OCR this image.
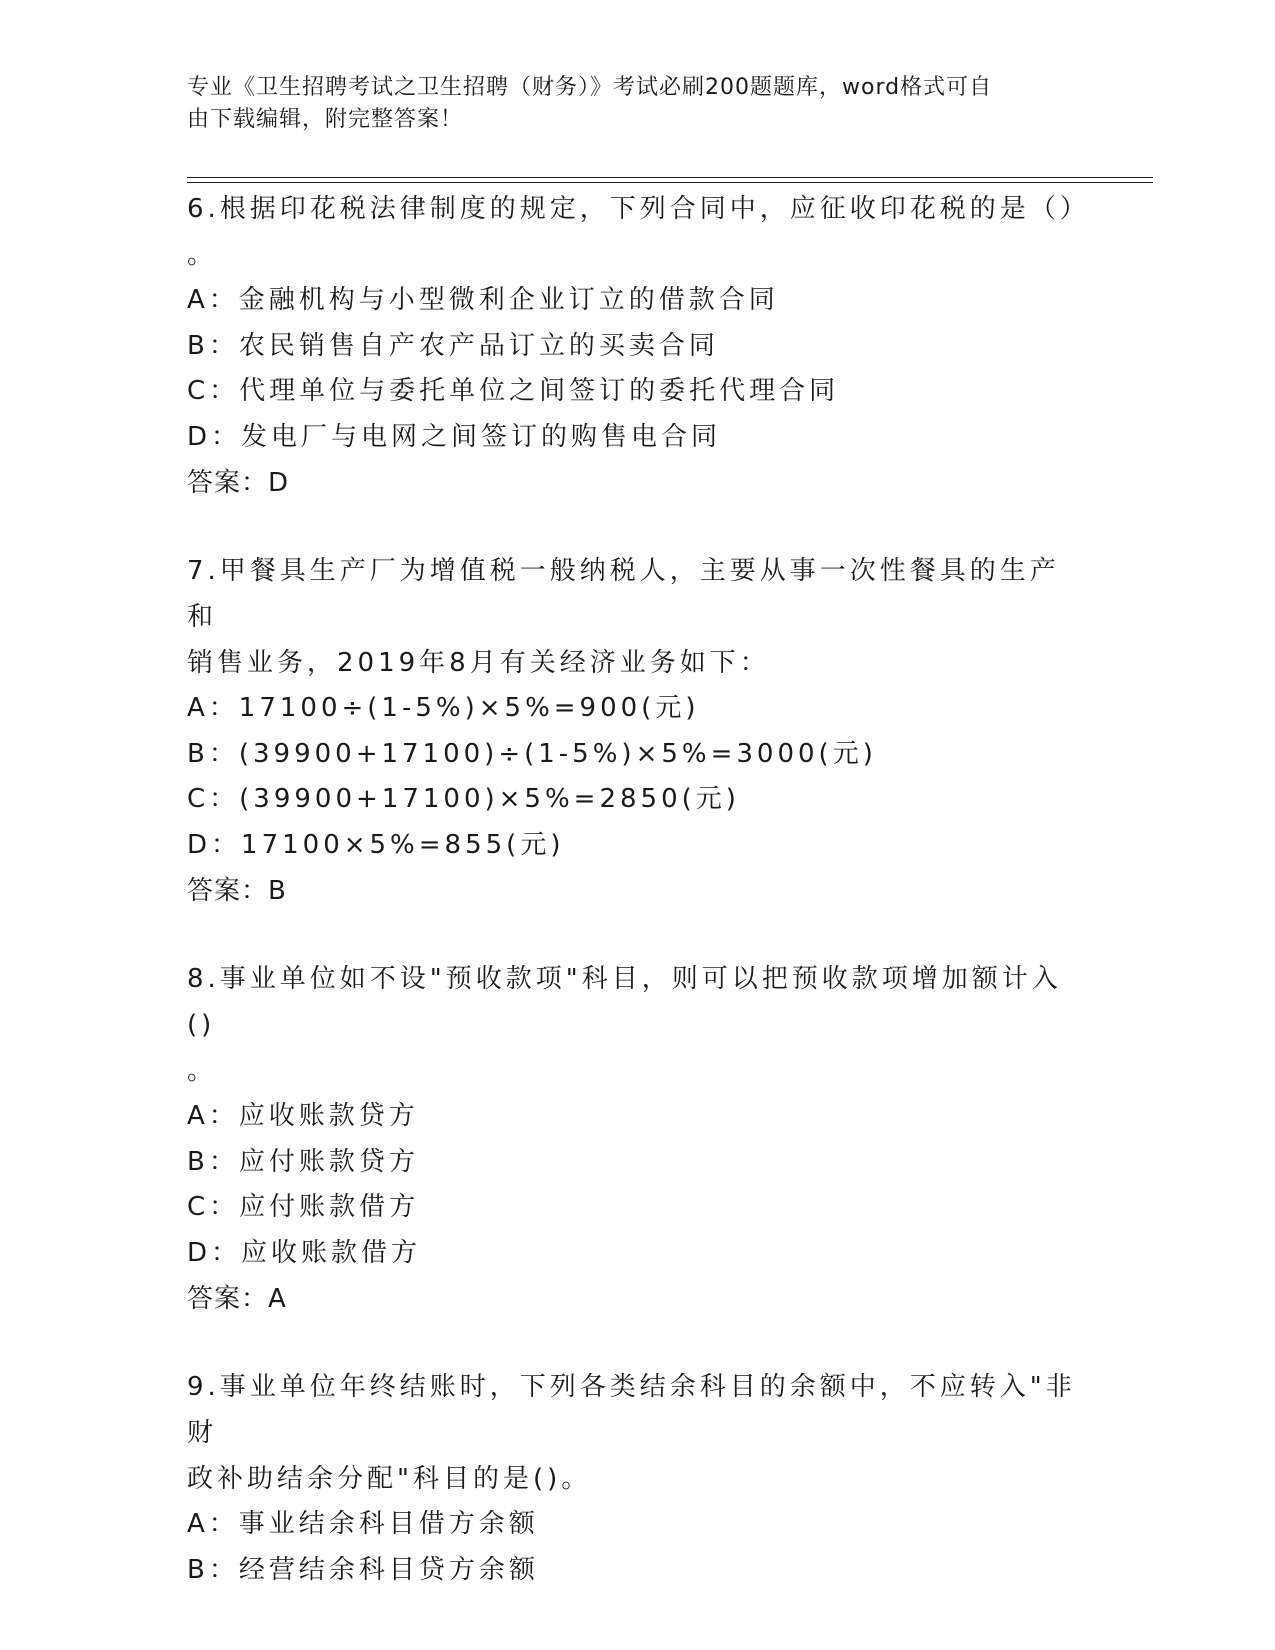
专业《卫生招聘考试之卫生招聘（财务）》考试必刷200题题库，word格式可自
由下载编辑，附完整答案！

6.根据印花税法律制度的规定，下列合同中，应征收印花税的是（）
。

A：金融机构与小型微利企业订立的借款合同

B：农民销售自产农产品订立的买卖合同

C：代理单位与委托单位之间签订的委托代理合同

D：发电厂与电网之间签订的购售电合同

答案：D

7.甲餐具生产厂为增值税一般纳税人，主要从事一次性餐具的生产和
销售业务，2019年8月有关经济业务如下：

A：17100÷(1-5%)×5%=900(元)

B：(39900+17100)÷(1-5%)×5%=3000(元)

C：(39900+17100)×5%=2850(元)

D：17100×5%=855(元)

答案：B

8.事业单位如不设"预收款项"科目，则可以把预收款项增加额计入()
。

A：应收账款贷方

B：应付账款贷方

C：应付账款借方

D：应收账款借方

答案：A

9.事业单位年终结账时，下列各类结余科目的余额中，不应转入"非财
政补助结余分配"科目的是()。

A：事业结余科目借方余额

B：经营结余科目贷方余额
